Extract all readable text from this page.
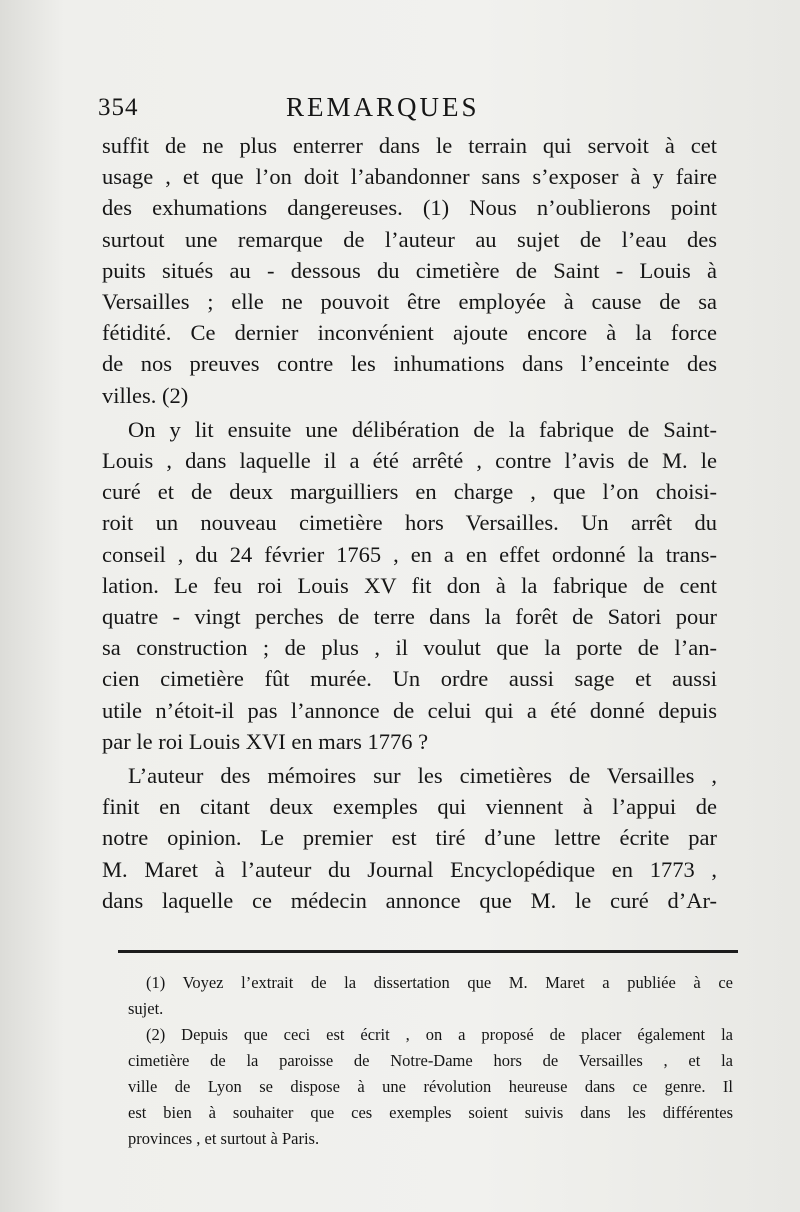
354	REMARQUES
suffit de ne plus enterrer dans le terrain qui servoit à cet
usage , et que l’on doit l’abandonner sans s’exposer à y faire
des exhumations dangereuses. (1) Nous n’oublierons point
surtout une remarque de l’auteur au sujet de l’eau des
puits situés au - dessous du cimetière de Saint - Louis à
Versailles ; elle ne pouvoit être employée à cause de sa
fétidité. Ce dernier inconvénient ajoute encore à la force
de nos preuves contre les inhumations dans l’enceinte des
villes. (2)
On y lit ensuite une délibération de la fabrique de Saint-
Louis , dans laquelle il a été arrêté , contre l’avis de M. le
curé et de deux marguilliers en charge , que l’on choisi-
roit un nouveau cimetière hors Versailles. Un arrêt du
conseil , du 24 février 1765 , en a en effet ordonné la trans-
lation. Le feu roi Louis XV fit don à la fabrique de cent
quatre - vingt perches de terre dans la forêt de Satori pour
sa construction ; de plus , il voulut que la porte de l’an-
cien cimetière fût murée. Un ordre aussi sage et aussi
utile n’étoit-il pas l’annonce de celui qui a été donné depuis
par le roi Louis XVI en mars 1776 ?
L’auteur des mémoires sur les cimetières de Versailles ,
finit en citant deux exemples qui viennent à l’appui de
notre opinion. Le premier est tiré d’une lettre écrite par
M. Maret à l’auteur du Journal Encyclopédique en 1773 ,
dans laquelle ce médecin annonce que M. le curé d’Ar-
(1) Voyez l’extrait de la dissertation que M. Maret a publiée à ce
sujet.
(2) Depuis que ceci est écrit , on a proposé de placer également la
cimetière de la paroisse de Notre-Dame hors de Versailles , et la
ville de Lyon se dispose à une révolution heureuse dans ce genre. Il
est bien à souhaiter que ces exemples soient suivis dans les différentes
provinces , et surtout à Paris.
